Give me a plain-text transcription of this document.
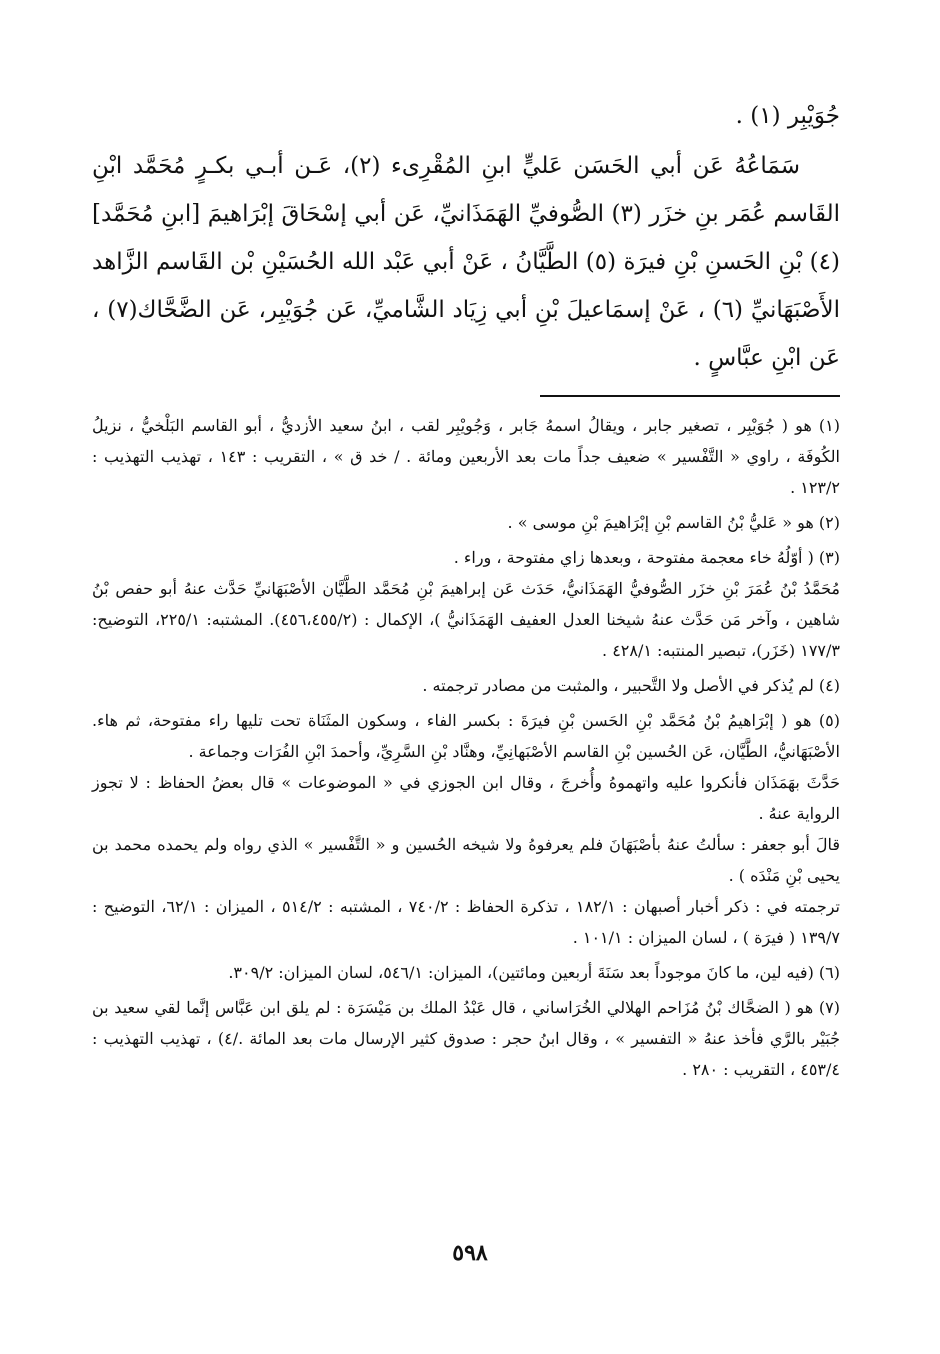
جُوَيْبِر (١) .

سَمَاعُهُ عَن أبي الحَسَن عَليٍّ ابنِ المُقْرِىء (٢)، عَـن أبـي بكـرٍ مُحَمَّد ابْنِ القَاسم عُمَر بنِ خزَر (٣) الصُّوفيِّ الهَمَذَانيِّ، عَن أبي إسْحَاقَ إبْرَاهيمَ [ابنِ مُحَمَّد](٤) بْنِ الحَسنِ بْنِ فيرَة (٥) الطَّيَّانُ ، عَنْ أبي عَبْد الله الحُسَيْنِ بْن القَاسم الزَّاهد الأَصْبَهَانيِّ (٦) ، عَنْ إسمَاعيلَ بْنِ أبي زِيَاد الشَّاميِّ، عَن جُوَيْبِر، عَن الضَّحَّاك(٧) ، عَن ابْنِ عبَّاسٍ .

(١) هو ( جُوَيْبِر ، تصغير جابر ، ويقالُ اسمهُ جَابر ، وَجُويْبِر لقب ، ابنُ سعيد الأزديُّ ، أبو القاسم البَلْخيُّ ، نزيلُ الكُوفَة ، راوي « التَّفْسير » ضعيف جداً مات بعد الأربعين ومائة . / خد ق » ، التقريب : ١٤٣ ، تهذيب التهذيب : ١٢٣/٢ .

(٢) هو « عَليُّ بْنُ القاسم بْنِ إبْرَاهيمَ بْنِ موسى » .

(٣) ( أوّلُهُ خاء معجمة مفتوحة ، وبعدها زاي مفتوحة ، وراء .

مُحَمَّدُ بْنُ عُمَرَ بْنِ خزَر الصُّوفيُّ الهَمَذَانيُّ، حَدَث عَن إبراهيمَ بْنِ مُحَمَّد الطَّيَّان الأصْبَهَانيِّ حَدَّث عنهُ أبو حفص بْنُ شاهين ، وآخر مَن حَدَّث عنهُ شيخنا العدل العفيف الهَمَذَانيُّ )، الإكمال : (٤٥٦،٤٥٥/٢). المشتبه: ٢٢٥/١، التوضيح: ١٧٧/٣ (خَزَر)، تبصير المنتبه: ٤٢٨/١ .

(٤) لم يُذكر في الأصل ولا التَّحبير ، والمثبت من مصادر ترجمته .

(٥) هو ( إبْرَاهيمُ بْنُ مُحَمَّد بْنِ الحَسن بْنِ فيرَةَ : بكسر الفاء ، وسكون المثَنَاة تحت تليها راء مفتوحة، ثم هاء. الأصْبَهَانيُّ، الطَّيَّان، عَن الحُسين بْنِ القاسم الأصْبَهانِيِّ، وهنَّاد بْنِ السَّرِيِّ، وأحمدَ ابْنِ الفُرَات وجماعة .

حَدَّثَ بهَمَذَان فأنكروا عليه واتهموهُ وأُخرجَ ، وقال ابن الجوزي في « الموضوعات » قال بعضُ الحفاظ : لا تجوز الرواية عنهُ .

قالَ أبو جعفر : سألتُ عنهُ بأصْبَهَانَ فلم يعرفوهُ ولا شيخه الحُسين و « التَّفْسير » الذي رواه ولم يحمده محمد بن يحيى بْنِ مَنْدَه ) .

ترجمته في : ذكر أخبار أصبهان : ١٨٢/١ ، تذكرة الحفاظ : ٧٤٠/٢ ، المشتبه : ٥١٤/٢ ، الميزان : ٦٢/١، التوضيح : ١٣٩/٧ ( فيرَة ) ، لسان الميزان : ١٠١/١ .

(٦) (فيه لين، ما كانَ موجوداً بعد سَنَةَ أربعين ومائتين)، الميزان: ٥٤٦/١، لسان الميزان: ٣٠٩/٢.

(٧) هو ( الضحَّاك بْنُ مُزَاحم الهلالي الخُرَاساني ، قال عَبْدُ الملك بن مَيْسَرَة : لم يلق ابن عَبَّاس إنَّما لقي سعيد بن جُبَيْر بالرَّي فأخذ عنهُ « التفسير » ، وقال ابنُ حجر : صدوق كثير الإرسال مات بعد المائة ./٤) ، تهذيب التهذيب : ٤٥٣/٤ ، التقريب : ٢٨٠ .

٥٩٨
